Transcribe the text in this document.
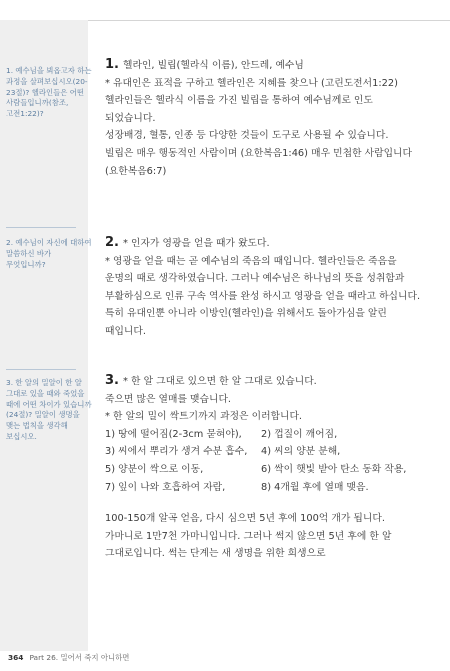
1. 예수님을 뵈옵고자 하는 과정을 살펴보십시오(20-23절)? 헬라인들은 어떤 사람들입니까(참조, 고전1:22)?
2. 예수님이 자신에 대하여 말씀하신 바가 무엇입니까?
3. 한 알의 밀알이 한 알 그대로 있을 때와 죽었을 때에 어떤 차이가 있습니까(24절)? 밀알이 생명을 맺는 법칙을 생각해 보십시오.
1. 헬라인, 빌립(헬라식 이름), 안드레, 예수님
* 유대인은 표적을 구하고 헬라인은 지혜를 찾으나 (고린도전서1:22)
헬라인들은 헬라식 이름을 가진 빌립을 통하여 예수님께로 인도 되었습니다.
성장배경, 혈통, 인종 등 다양한 것들이 도구로 사용될 수 있습니다.
빌립은 매우 행동적인 사람이며 (요한복음1:46) 매우 민첩한 사람입니다(요한복음6:7)
2. * 인자가 영광을 얻을 때가 왔도다.
* 영광을 얻을 때는 곧 예수님의 죽음의 때입니다. 헬라인들은 죽음을 운명의 때로 생각하였습니다. 그러나 예수님은 하나님의 뜻을 성취함과 부활하심으로 인류 구속 역사를 완성 하시고 영광을 얻을 때라고 하십니다. 특히 유대인뿐 아니라 이방인(헬라인)을 위해서도 돌아가심을 알린 때입니다.
3. * 한 알 그대로 있으면 한 알 그대로 있습니다.
죽으면 많은 열매를 맺습니다.
* 한 알의 밀이 싹트기까지 과정은 이러합니다.
1) 땅에 떨어짐(2-3cm 묻혀야),	2) 껍질이 깨어짐,
3) 씨에서 뿌리가 생겨 수분 흡수,	4) 씨의 양분 분해,
5) 양분이 싹으로 이동,	6) 싹이 햇빛 받아 탄소 동화 작용,
7) 잎이 나와 호흡하여 자람,	8) 4개월 후에 열매 맺음.
100-150개 알곡 얻음, 다시 심으면 5년 후에 100억 개가 됩니다. 가마니로 1만7천 가마니입니다. 그러나 썩지 않으면 5년 후에 한 알 그대로입니다. 썩는 단계는 새 생명을 위한 희생으로
364 Part 26. 밀어서 죽지 아니하면
